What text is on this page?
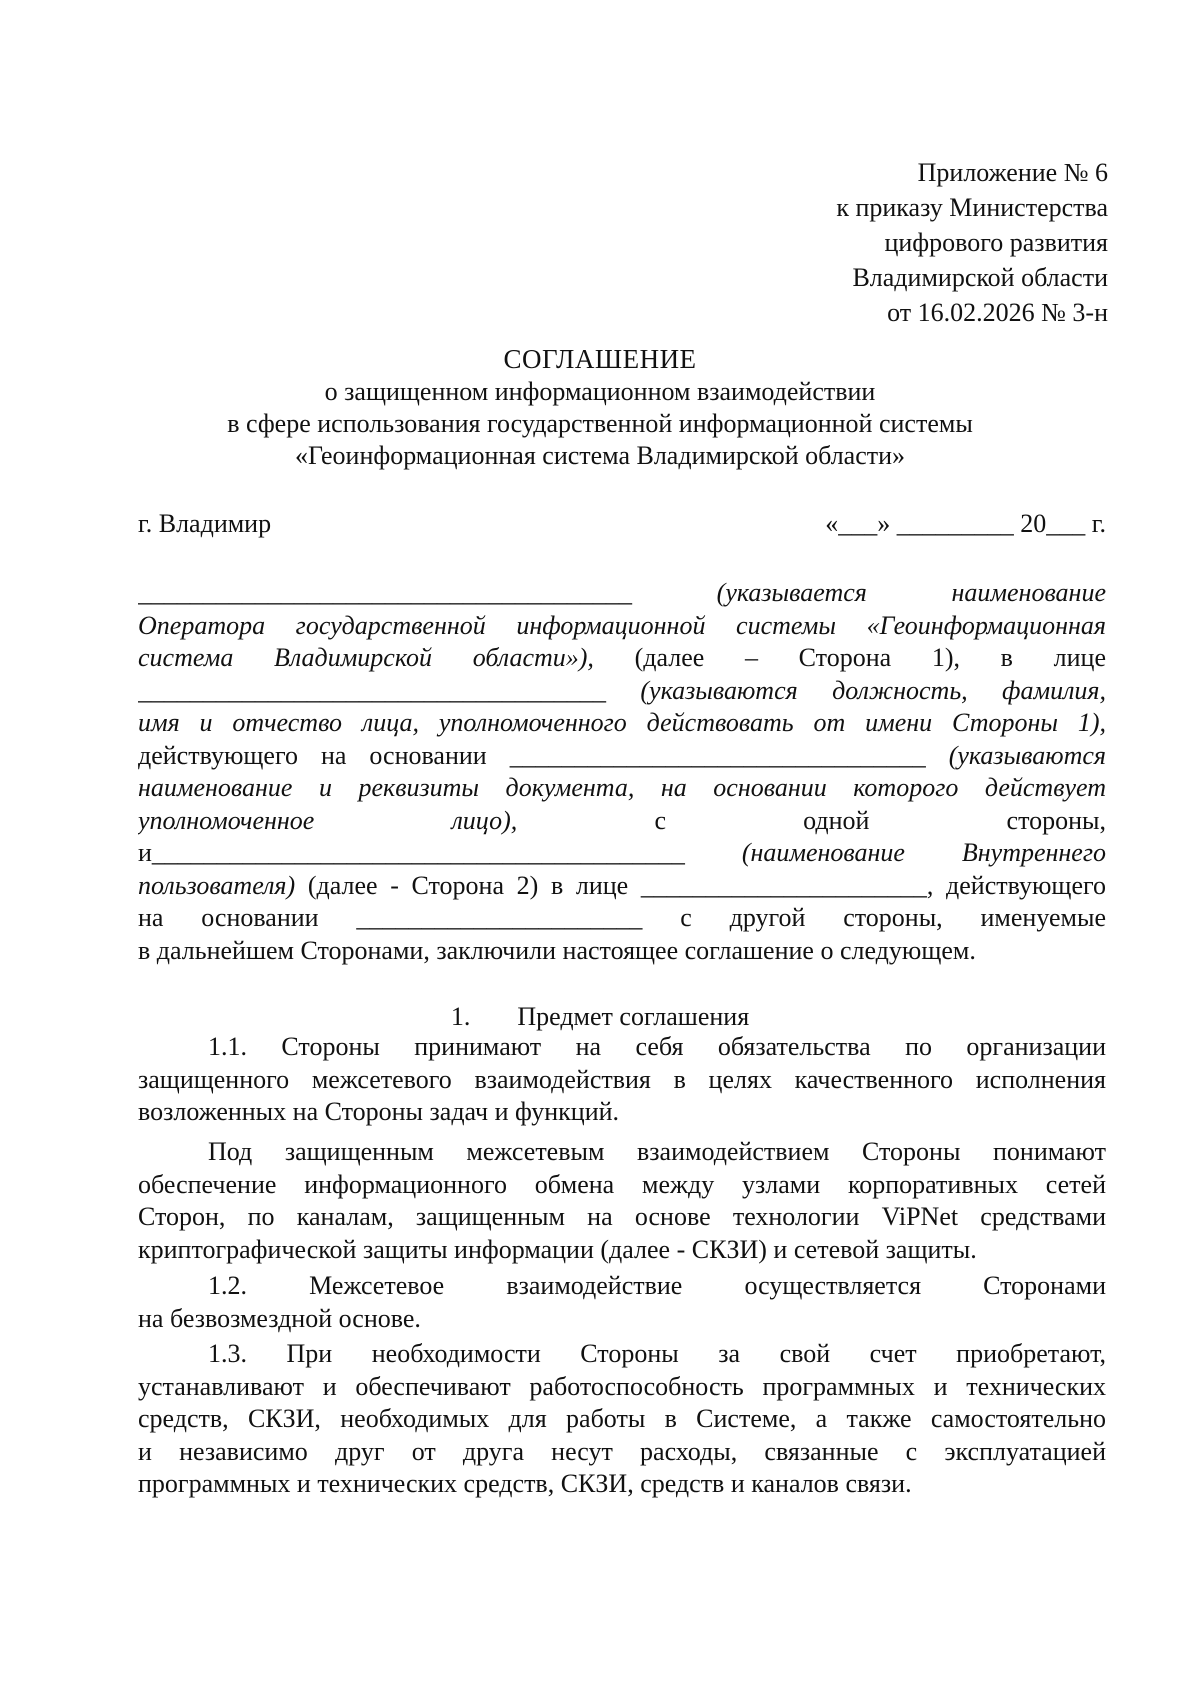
Приложение № 6
к приказу Министерства
цифрового развития
Владимирской области
от 16.02.2026 № 3-н
СОГЛАШЕНИЕ
о защищенном информационном взаимодействии
в сфере использования государственной информационной системы
«Геоинформационная система Владимирской области»
г. Владимир	«___» _________ 20___ г.
______________________________________	(указывается наименование
Оператора государственной информационной системы «Геоинформационная
система Владимирской области»), (далее – Сторона 1), в лице
____________________________________ (указываются должность, фамилия,
имя и отчество лица, уполномоченного действовать от имени Стороны 1),
действующего на основании ________________________________ (указываются
наименование и реквизиты документа, на основании которого действует
уполномоченное лицо),	с одной стороны,
и_________________________________________ (наименование Внутреннего
пользователя) (далее - Сторона 2) в лице ______________________, действующего
на основании ______________________ с другой стороны, именуемые
в дальнейшем Сторонами, заключили настоящее соглашение о следующем.
1. Предмет соглашения
1.1. Стороны принимают на себя обязательства по организации
защищенного межсетевого взаимодействия в целях качественного исполнения
возложенных на Стороны задач и функций.
Под защищенным межсетевым взаимодействием Стороны понимают
обеспечение информационного обмена между узлами корпоративных сетей
Сторон, по каналам, защищенным на основе технологии ViPNet средствами
криптографической защиты информации (далее - СКЗИ) и сетевой защиты.
1.2. Межсетевое взаимодействие осуществляется Сторонами
на безвозмездной основе.
1.3. При необходимости Стороны за свой счет приобретают,
устанавливают и обеспечивают работоспособность программных и технических
средств, СКЗИ, необходимых для работы в Системе, а также самостоятельно
и независимо друг от друга несут расходы, связанные с эксплуатацией
программных и технических средств, СКЗИ, средств и каналов связи.
